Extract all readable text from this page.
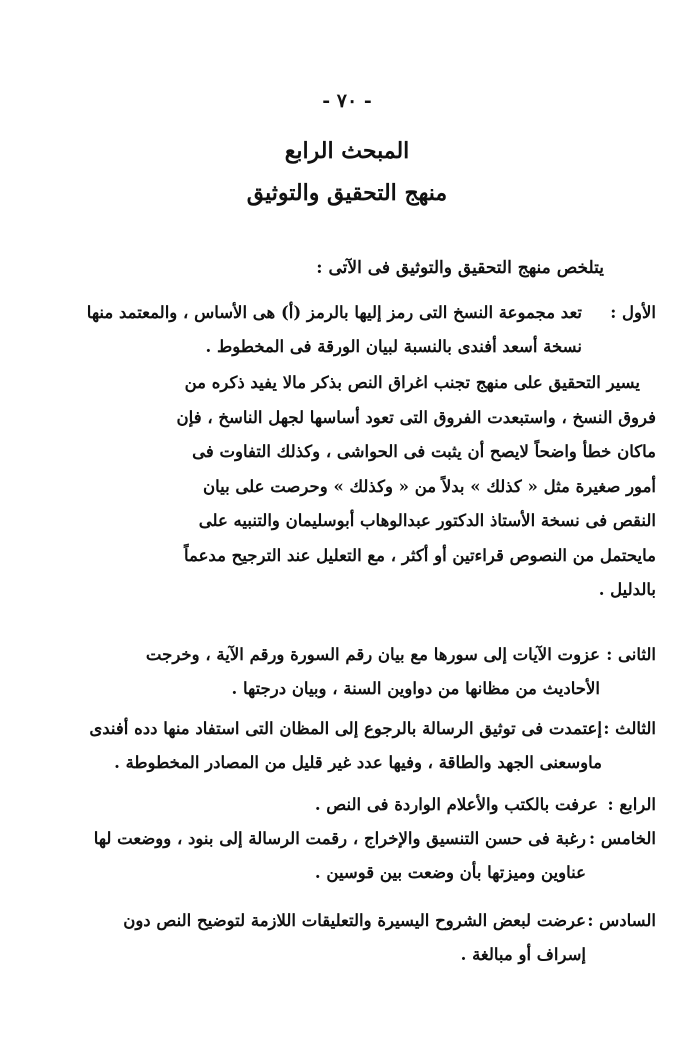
- ٧٠ -
المبحث الرابع
منهج التحقيق والتوثيق
يتلخص منهج التحقيق والتوثيق فى الآتى :
الأول :
تعد مجموعة النسخ التى رمز إليها بالرمز (أ) هى الأساس ، والمعتمد منها
نسخة أسعد أفندى بالنسبة لبيان الورقة فى المخطوط .
يسير التحقيق على منهج تجنب اغراق النص بذكر مالا يفيد ذكره من
فروق النسخ ، واستبعدت الفروق التى تعود أساسها لجهل الناسخ ، فإن
ماكان خطأ واضحاً لايصح أن يثبت فى الحواشى ، وكذلك التفاوت فى
أمور صغيرة مثل « كذلك » بدلاً من « وكذلك » وحرصت على بيان
النقص فى نسخة الأستاذ الدكتور عبدالوهاب أبوسليمان والتنبيه على
مايحتمل من النصوص قراءتين أو أكثر ، مع التعليل عند الترجيح مدعماً
بالدليل .
الثانى :
عزوت الآيات إلى سورها مع بيان رقم السورة ورقم الآية ، وخرجت
الأحاديث من مظانها من دواوين السنة ، وبيان درجتها .
الثالث :
إعتمدت فى توثيق الرسالة بالرجوع إلى المظان التى استفاد منها دده أفندى
ماوسعنى الجهد والطاقة ، وفيها عدد غير قليل من المصادر المخطوطة .
الرابع :
عرفت بالكتب والأعلام الواردة فى النص .
الخامس :
رغبة فى حسن التنسيق والإخراج ، رقمت الرسالة إلى بنود ، ووضعت لها
عناوين وميزتها بأن وضعت بين قوسين .
السادس :
عرضت لبعض الشروح اليسيرة والتعليقات اللازمة لتوضيح النص دون
إسراف أو مبالغة .
